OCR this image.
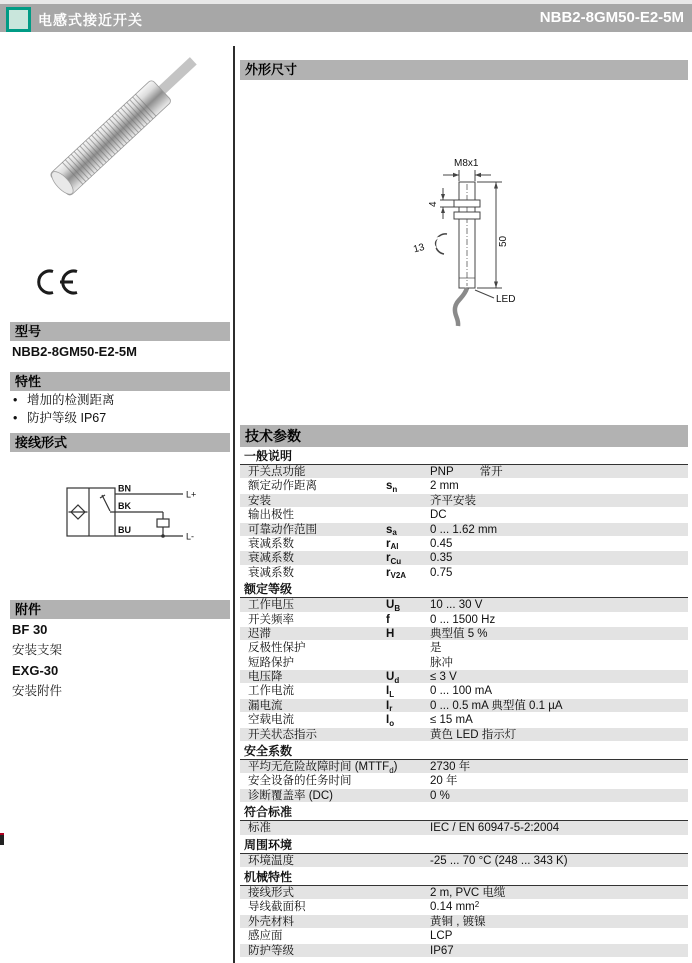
电感式接近开关	NBB2-8GM50-E2-5M
型号
NBB2-8GM50-E2-5M
特性
• 增加的检测距离
• 防护等级 IP67
接线形式
BN
BK
BU
L+
L-
附件
BF 30
安装支架
EXG-30
安装附件
外形尺寸
M8x1
4
13
50
LED
技术参数
一般说明
开关点功能	PNP 常开
额定动作距离	$s_n$	2 mm
安装	齐平安装
输出极性	DC
可靠动作范围	$s_a$	0 ... 1.62 mm
衰减系数	$r_{Al}$	0.45
衰减系数	$r_{Cu}$	0.35
衰减系数	$r_{V2A}$	0.75
额定等级
工作电压	$U_B$	10 ... 30 V
开关频率	f	0 ... 1500 Hz
迟滞	H	典型值 5 %
反极性保护	是
短路保护	脉冲
电压降	$U_d$	≤ 3 V
工作电流	$I_L$	0 ... 100 mA
漏电流	$I_r$	0 ... 0.5 mA 典型值 0.1 µA
空载电流	$I_o$	≤ 15 mA
开关状态指示	黄色 LED 指示灯
安全系数
平均无危险故障时间 $(MTTF_d)$	2730 年
安全设备的任务时间	20 年
诊断覆盖率 (DC)	0 %
符合标准
标准	IEC / EN 60947-5-2:2004
周围环境
环境温度	-25 ... 70 °C (248 ... 343 K)
机械特性
接线形式	2 m, PVC 电缆
导线截面积	0.14 $mm^2$
外壳材料	黄铜 , 镀镍
感应面	LCP
防护等级	IP67
